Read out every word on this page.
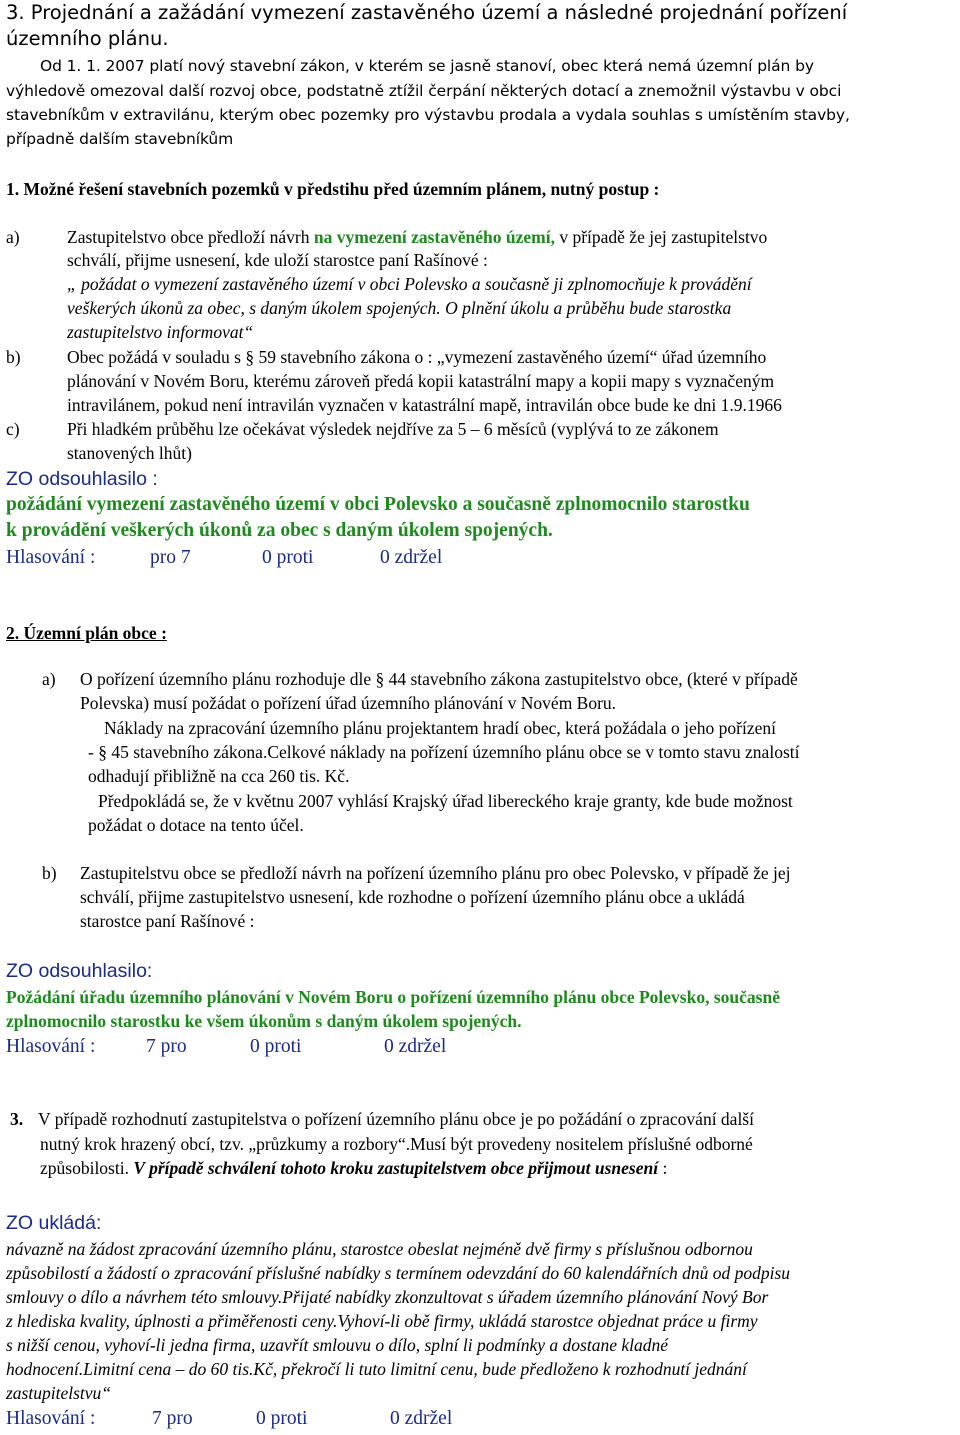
3. Projednání a zažádání vymezení zastavěného území a následné projednání pořízení
územního plánu.
Od 1. 1. 2007 platí nový stavební zákon, v kterém se jasně stanoví, obec která nemá územní plán by
výhledově omezoval další rozvoj obce, podstatně ztížil čerpání některých dotací a znemožnil výstavbu v obci
stavebníkům v extravilánu, kterým obec pozemky pro výstavbu prodala a vydala souhlas s umístěním stavby,
případně dalším stavebníkům
1. Možné řešení stavebních pozemků v předstihu před územním plánem, nutný postup :
a)	Zastupitelstvo obce předloží návrh na vymezení zastavěného území, v případě že jej zastupitelstvo
schválí, přijme usnesení, kde uloží starostce paní Rašínové :
„ požádat o vymezení zastavěného území v obci Polevsko a současně ji zplnomocňuje k provádění
veškerých úkonů za obec, s daným úkolem spojených. O plnění úkolu a průběhu bude starostka
zastupitelstvo informovat“
b)	Obec požádá v souladu s § 59 stavebního zákona o : „vymezení zastavěného území“ úřad územního
plánování v Novém Boru, kterému zároveň předá kopii katastrální mapy a kopii mapy s vyznačeným
intravilánem, pokud není intravilán vyznačen v katastrální mapě, intravilán obce bude ke dni 1.9.1966
c)	Při hladkém průběhu lze očekávat výsledek nejdříve za 5 – 6 měsíců (vyplývá to ze zákonem
stanovených lhůt)
ZO odsouhlasilo :
požádání vymezení zastavěného území v obci Polevsko a současně zplnomocnilo starostku
k provádění veškerých úkonů za obec s daným úkolem spojených.
Hlasování :	pro 7	0 proti	0 zdržel
2. Územní plán obce :
a) O pořízení územního plánu rozhoduje dle § 44 stavebního zákona zastupitelstvo obce, (které v případě
Polevska) musí požádat o pořízení úřad územního plánování v Novém Boru.
Náklady na zpracování územního plánu projektantem hradí obec, která požádala o jeho pořízení
- § 45 stavebního zákona.Celkové náklady na pořízení územního plánu obce se v tomto stavu znalostí
odhadují přibližně na cca 260 tis. Kč.
Předpokládá se, že v květnu 2007 vyhlásí Krajský úřad libereckého kraje granty, kde bude možnost
požádat o dotace na tento účel.
b) Zastupitelstvu obce se předloží návrh na pořízení územního plánu pro obec Polevsko, v případě že jej
schválí, přijme zastupitelstvo usnesení, kde rozhodne o pořízení územního plánu obce a ukládá
starostce paní Rašínové :
ZO odsouhlasilo:
Požádání úřadu územního plánování v Novém Boru o pořízení územního plánu obce Polevsko, současně
zplnomocnilo starostku ke všem úkonům s daným úkolem spojených.
Hlasování :	7 pro	0 proti	0 zdržel
3. V případě rozhodnutí zastupitelstva o pořízení územního plánu obce je po požádání o zpracování další
nutný krok hrazený obcí, tzv. „průzkumy a rozbory“.Musí být provedeny nositelem příslušné odborné
způsobilosti. V případě schválení tohoto kroku zastupitelstvem obce přijmout usnesení :
ZO ukládá:
návazně na žádost zpracování územního plánu, starostce obeslat nejméně dvě firmy s příslušnou odbornou
způsobilostí a žádostí o zpracování příslušné nabídky s termínem odevzdání do 60 kalendářních dnů od podpisu
smlouvy o dílo a návrhem této smlouvy.Přijaté nabídky zkonzultovat s úřadem územního plánování Nový Bor
z hlediska kvality, úplnosti a přiměřenosti ceny.Vyhoví-li obě firmy, ukládá starostce objednat práce u firmy
s nižší cenou, vyhoví-li jedna firma, uzavřít smlouvu o dílo, splní li podmínky a dostane kladné
hodnocení.Limitní cena – do 60 tis.Kč, překročí li tuto limitní cenu, bude předloženo k rozhodnutí jednání
zastupitelstvu“
Hlasování :	7 pro	0 proti	0 zdržel
